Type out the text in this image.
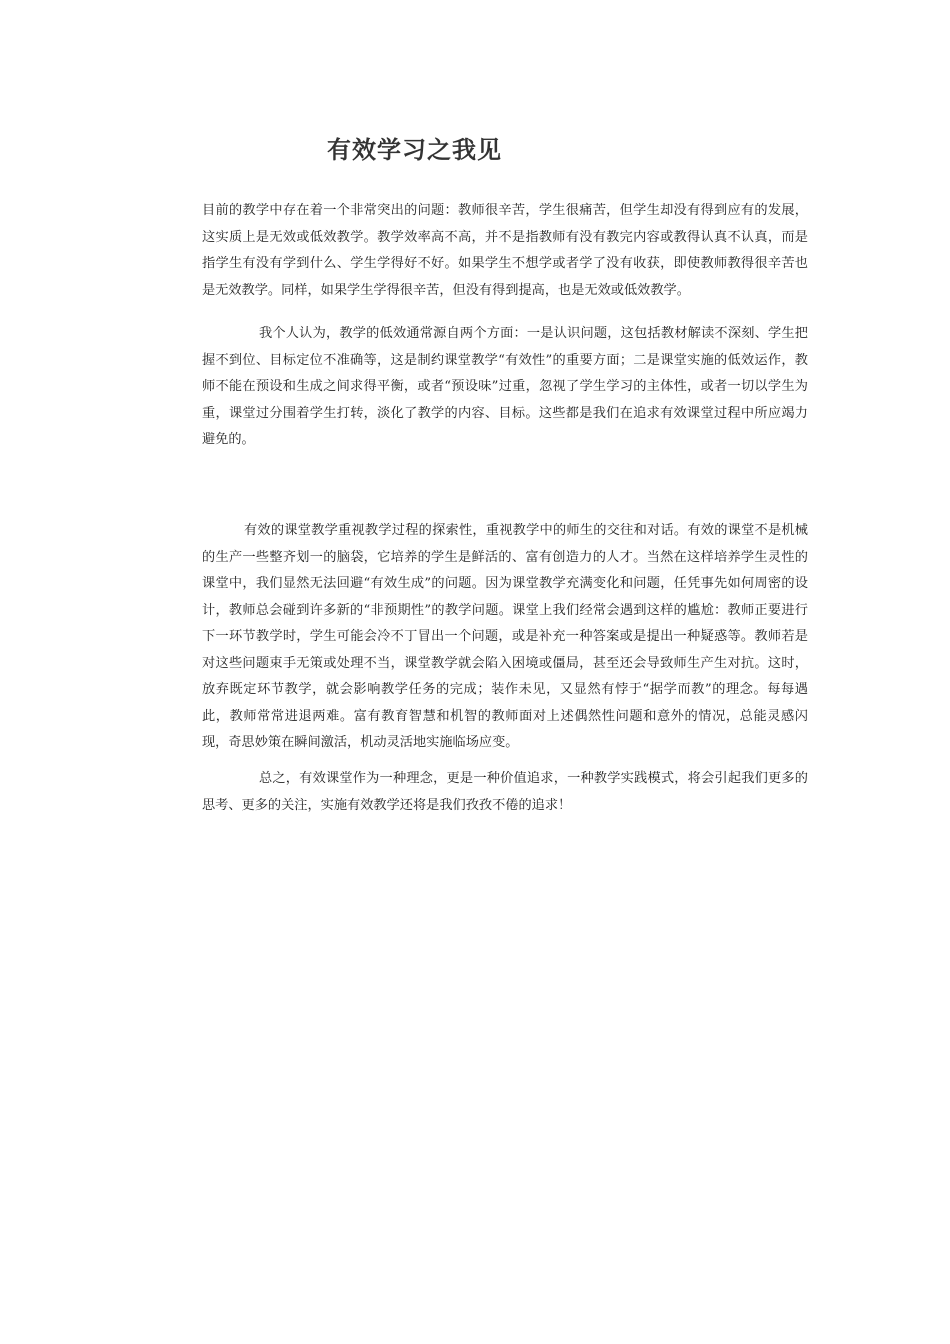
有效学习之我见

目前的教学中存在着一个非常突出的问题：教师很辛苦，学生很痛苦，但学生却没有得到应有的发展，这实质上是无效或低效教学。教学效率高不高，并不是指教师有没有教完内容或教得认真不认真，而是指学生有没有学到什么、学生学得好不好。如果学生不想学或者学了没有收获，即使教师教得很辛苦也是无效教学。同样，如果学生学得很辛苦，但没有得到提高，也是无效或低效教学。

我个人认为，教学的低效通常源自两个方面：一是认识问题，这包括教材解读不深刻、学生把握不到位、目标定位不准确等，这是制约课堂教学“有效性”的重要方面；二是课堂实施的低效运作，教师不能在预设和生成之间求得平衡，或者“预设味”过重，忽视了学生学习的主体性，或者一切以学生为重，课堂过分围着学生打转，淡化了教学的内容、目标。这些都是我们在追求有效课堂过程中所应竭力避免的。

有效的课堂教学重视教学过程的探索性，重视教学中的师生的交往和对话。有效的课堂不是机械的生产一些整齐划一的脑袋，它培养的学生是鲜活的、富有创造力的人才。当然在这样培养学生灵性的课堂中，我们显然无法回避“有效生成”的问题。因为课堂教学充满变化和问题，任凭事先如何周密的设计，教师总会碰到许多新的“非预期性”的教学问题。课堂上我们经常会遇到这样的尴尬：教师正要进行下一环节教学时，学生可能会冷不丁冒出一个问题，或是补充一种答案或是提出一种疑惑等。教师若是对这些问题束手无策或处理不当，课堂教学就会陷入困境或僵局，甚至还会导致师生产生对抗。这时，放弃既定环节教学，就会影响教学任务的完成；装作未见，又显然有悖于“据学而教”的理念。每每遇此，教师常常进退两难。富有教育智慧和机智的教师面对上述偶然性问题和意外的情况，总能灵感闪现，奇思妙策在瞬间激活，机动灵活地实施临场应变。

总之，有效课堂作为一种理念，更是一种价值追求，一种教学实践模式，将会引起我们更多的思考、更多的关注，实施有效教学还将是我们孜孜不倦的追求！
